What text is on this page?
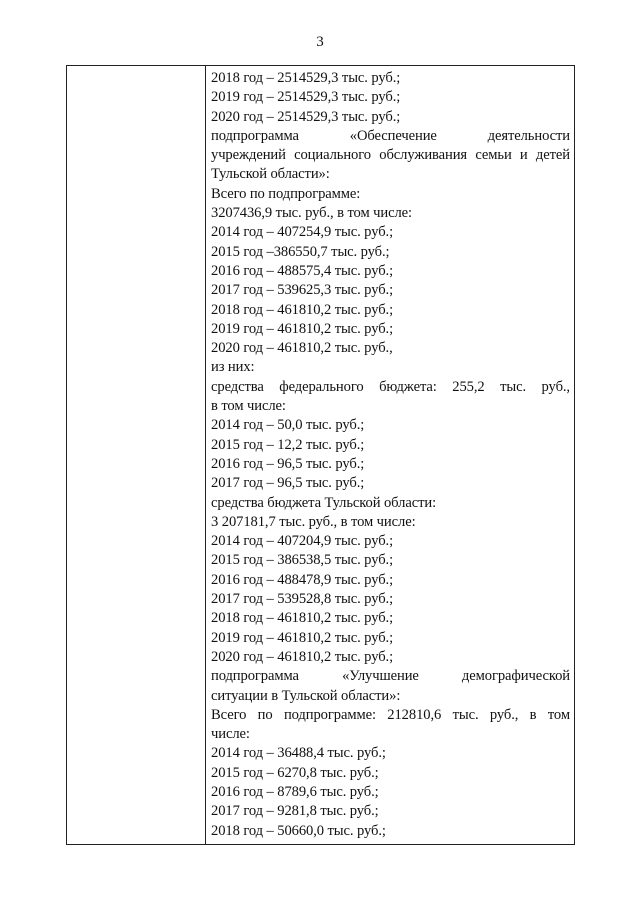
3
2018 год – 2514529,3 тыс. руб.;
2019 год – 2514529,3 тыс. руб.;
2020 год – 2514529,3 тыс. руб.;
подпрограмма «Обеспечение деятельности
учреждений социального обслуживания семьи и детей
Тульской области»:
Всего по подпрограмме:
3207436,9 тыс. руб., в том числе:
2014 год – 407254,9 тыс. руб.;
2015 год –386550,7 тыс. руб.;
2016 год – 488575,4 тыс. руб.;
2017 год – 539625,3 тыс. руб.;
2018 год – 461810,2 тыс. руб.;
2019 год – 461810,2 тыс. руб.;
2020 год – 461810,2 тыс. руб.,
из них:
средства федерального бюджета: 255,2 тыс. руб.,
в том числе:
2014 год – 50,0 тыс. руб.;
2015 год – 12,2 тыс. руб.;
2016 год – 96,5 тыс. руб.;
2017 год – 96,5 тыс. руб.;
средства бюджета Тульской области:
3 207181,7 тыс. руб., в том числе:
2014 год – 407204,9 тыс. руб.;
2015 год – 386538,5 тыс. руб.;
2016 год – 488478,9 тыс. руб.;
2017 год – 539528,8 тыс. руб.;
2018 год – 461810,2 тыс. руб.;
2019 год – 461810,2 тыс. руб.;
2020 год – 461810,2 тыс. руб.;
подпрограмма «Улучшение демографической
ситуации в Тульской области»:
Всего по подпрограмме: 212810,6 тыс. руб., в том
числе:
2014 год – 36488,4 тыс. руб.;
2015 год – 6270,8 тыс. руб.;
2016 год – 8789,6 тыс. руб.;
2017 год – 9281,8 тыс. руб.;
2018 год – 50660,0 тыс. руб.;
